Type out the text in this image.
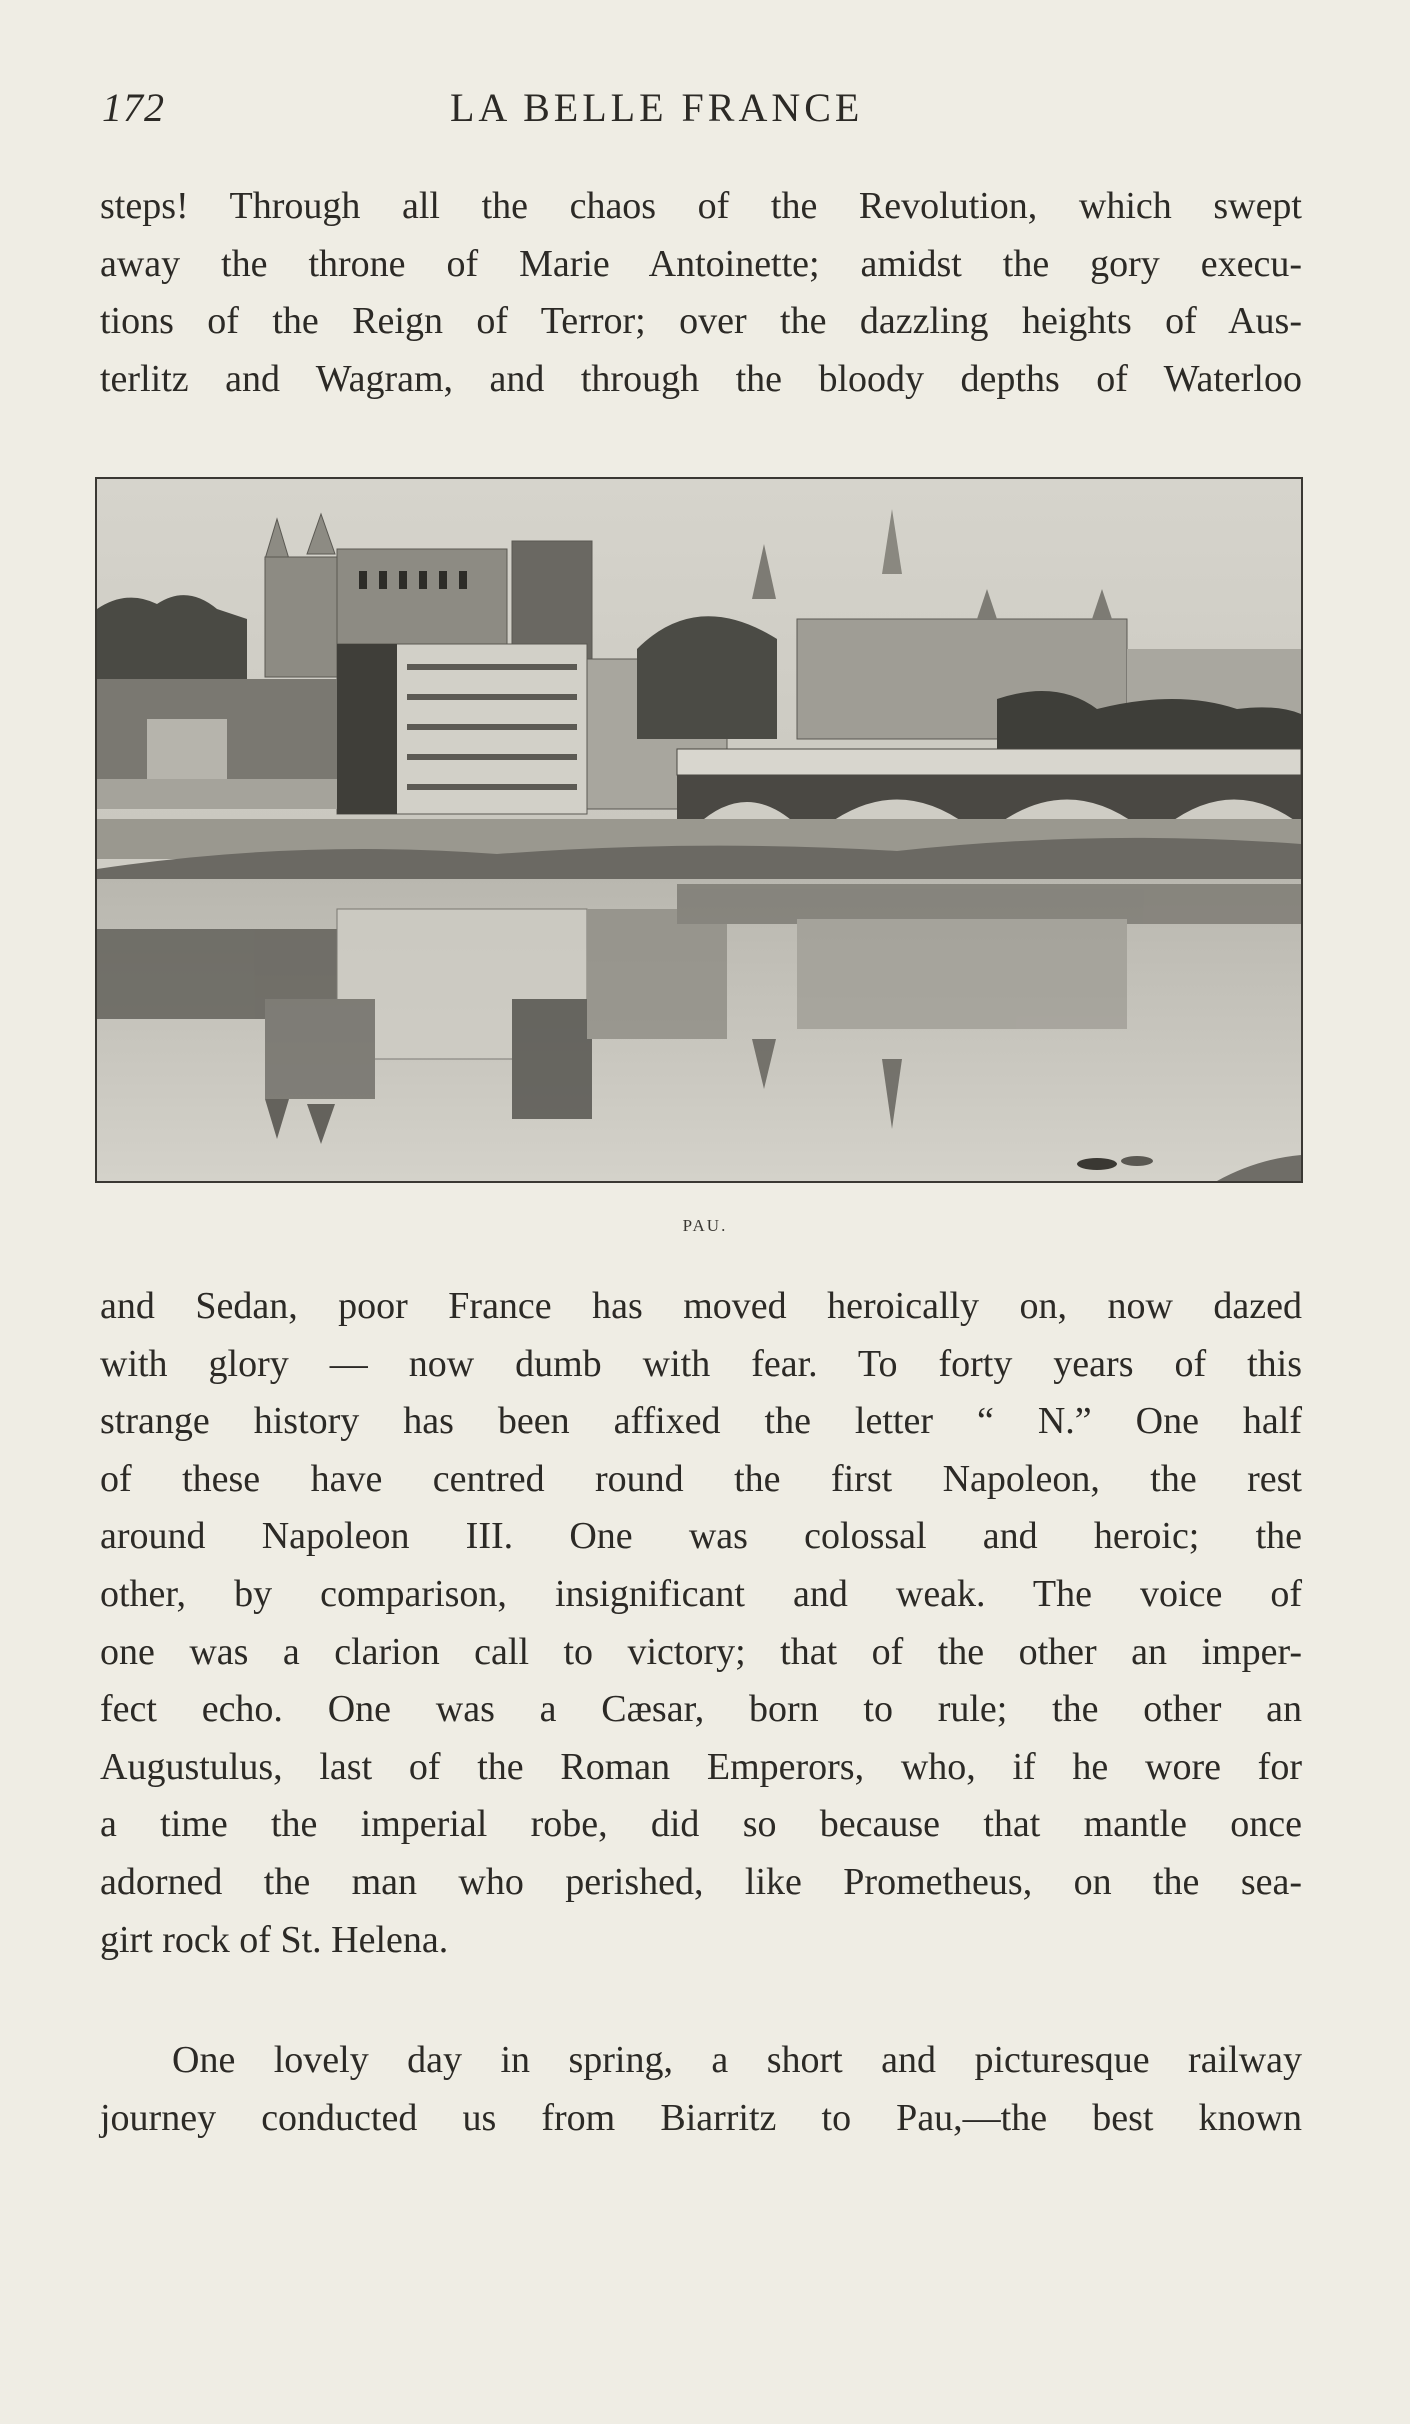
172	LA BELLE FRANCE

steps! Through all the chaos of the Revolution, which swept
away the throne of Marie Antoinette; amidst the gory execu-
tions of the Reign of Terror; over the dazzling heights of Aus-
terlitz and Wagram, and through the bloody depths of Waterloo

PAU.

and Sedan, poor France has moved heroically on, now dazed
with glory — now dumb with fear. To forty years of this
strange history has been affixed the letter “ N.” One half
of these have centred round the first Napoleon, the rest
around Napoleon III. One was colossal and heroic; the
other, by comparison, insignificant and weak. The voice of
one was a clarion call to victory; that of the other an imper-
fect echo. One was a Cæsar, born to rule; the other an
Augustulus, last of the Roman Emperors, who, if he wore for
a time the imperial robe, did so because that mantle once
adorned the man who perished, like Prometheus, on the sea-
girt rock of St. Helena.

One lovely day in spring, a short and picturesque railway
journey conducted us from Biarritz to Pau,—the best known
